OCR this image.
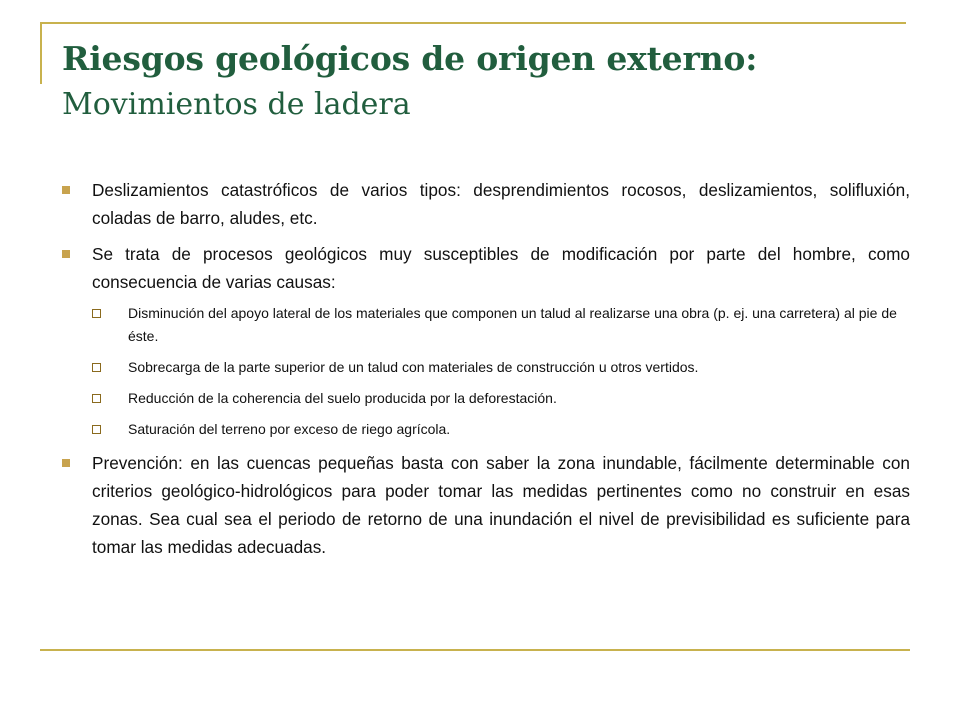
Riesgos geológicos de origen externo:
Movimientos de ladera
Deslizamientos catastróficos de varios tipos: desprendimientos rocosos, deslizamientos, solifluxión, coladas de barro, aludes, etc.
Se trata de procesos geológicos muy susceptibles de modificación por parte del hombre, como consecuencia de varias causas:
Disminución del apoyo lateral de los materiales que componen un talud al realizarse una obra (p. ej. una carretera) al pie de éste.
Sobrecarga de la parte superior de un talud con materiales de construcción u otros vertidos.
Reducción de la coherencia del suelo producida por la deforestación.
Saturación del terreno por exceso de riego agrícola.
Prevención: en las cuencas pequeñas basta con saber la zona inundable, fácilmente determinable con criterios geológico-hidrológicos para poder tomar las medidas pertinentes como no construir en esas zonas. Sea cual sea el periodo de retorno de una inundación el nivel de previsibilidad es suficiente para tomar las medidas adecuadas.
